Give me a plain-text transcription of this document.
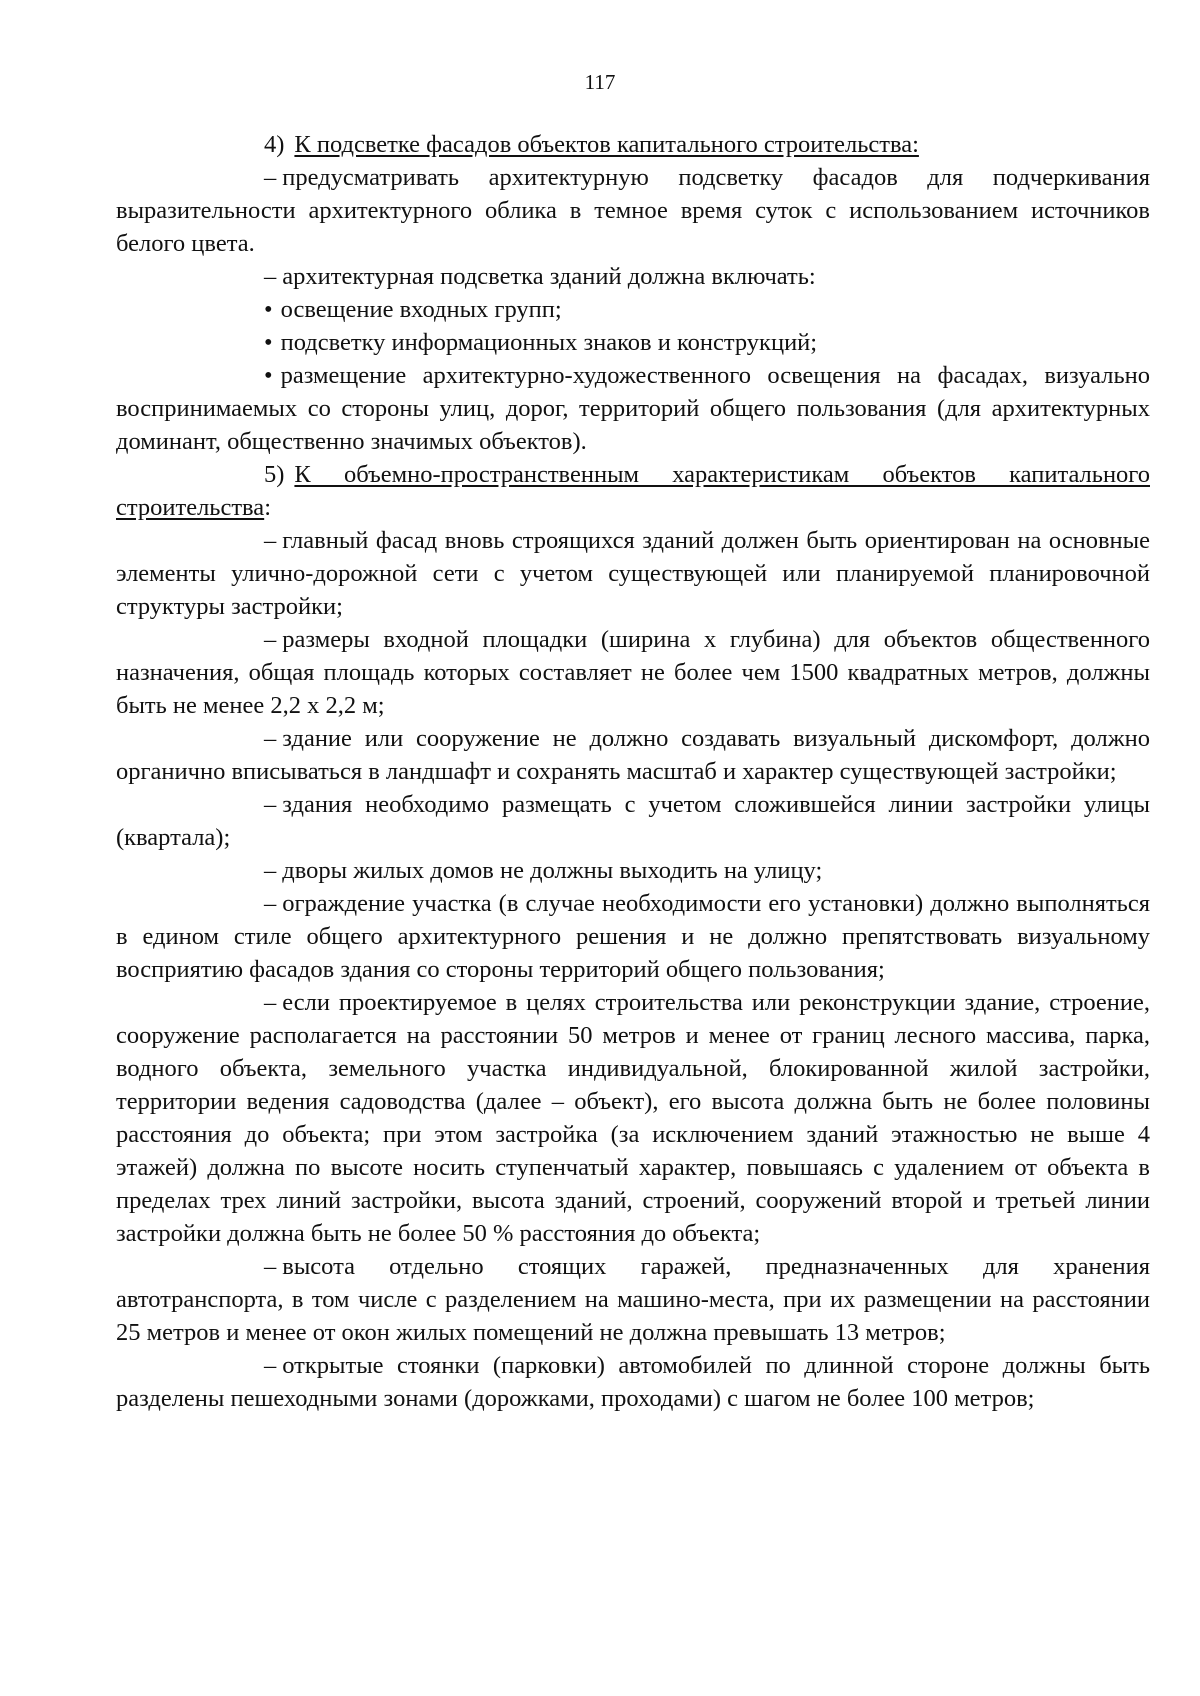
117

4) К подсветке фасадов объектов капитального строительства:

– предусматривать архитектурную подсветку фасадов для подчеркивания выразительности архитектурного облика в темное время суток с использованием источников белого цвета.

– архитектурная подсветка зданий должна включать:

• освещение входных групп;

• подсветку информационных знаков и конструкций;

• размещение архитектурно-художественного освещения на фасадах, визуально воспринимаемых со стороны улиц, дорог, территорий общего пользования (для архитектурных доминант, общественно значимых объектов).

5) К объемно-пространственным характеристикам объектов капитального строительства:

– главный фасад вновь строящихся зданий должен быть ориентирован на основные элементы улично-дорожной сети с учетом существующей или планируемой планировочной структуры застройки;

– размеры входной площадки (ширина х глубина) для объектов общественного назначения, общая площадь которых составляет не более чем 1500 квадратных метров, должны быть не менее 2,2 х 2,2 м;

– здание или сооружение не должно создавать визуальный дискомфорт, должно органично вписываться в ландшафт и сохранять масштаб и характер существующей застройки;

– здания необходимо размещать с учетом сложившейся линии застройки улицы (квартала);

– дворы жилых домов не должны выходить на улицу;

– ограждение участка (в случае необходимости его установки) должно выполняться в едином стиле общего архитектурного решения и не должно препятствовать визуальному восприятию фасадов здания со стороны территорий общего пользования;

– если проектируемое в целях строительства или реконструкции здание, строение, сооружение располагается на расстоянии 50 метров и менее от границ лесного массива, парка, водного объекта, земельного участка индивидуальной, блокированной жилой застройки, территории ведения садоводства (далее – объект), его высота должна быть не более половины расстояния до объекта; при этом застройка (за исключением зданий этажностью не выше 4 этажей) должна по высоте носить ступенчатый характер, повышаясь с удалением от объекта в пределах трех линий застройки, высота зданий, строений, сооружений второй и третьей линии застройки должна быть не более 50 % расстояния до объекта;

– высота отдельно стоящих гаражей, предназначенных для хранения автотранспорта, в том числе с разделением на машино-места, при их размещении на расстоянии 25 метров и менее от окон жилых помещений не должна превышать 13 метров;

– открытые стоянки (парковки) автомобилей по длинной стороне должны быть разделены пешеходными зонами (дорожками, проходами) с шагом не более 100 метров;
